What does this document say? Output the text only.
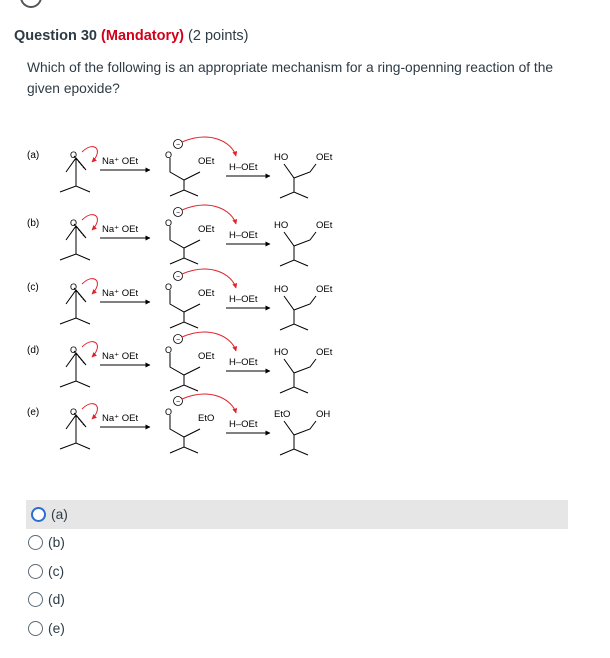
Question 30 (Mandatory) (2 points)
Which of the following is an appropriate mechanism for a ring-openning reaction of the given epoxide?
(a)	O
Na⁺ OEt
−
O
OEt
H–OEt
HO	OEt
(b)	O
Na⁺ OEt
−
O
OEt
H–OEt
HO	OEt
(c)	O
Na⁺ OEt
−
O
OEt
H–OEt
HO	OEt
(d)	O
Na⁺ OEt
−
O
OEt
H–OEt
HO	OEt
(e)	O
Na⁺ OEt
−
O
EtO
H–OEt
EtO	OH
(a)
(b)
(c)
(d)
(e)
